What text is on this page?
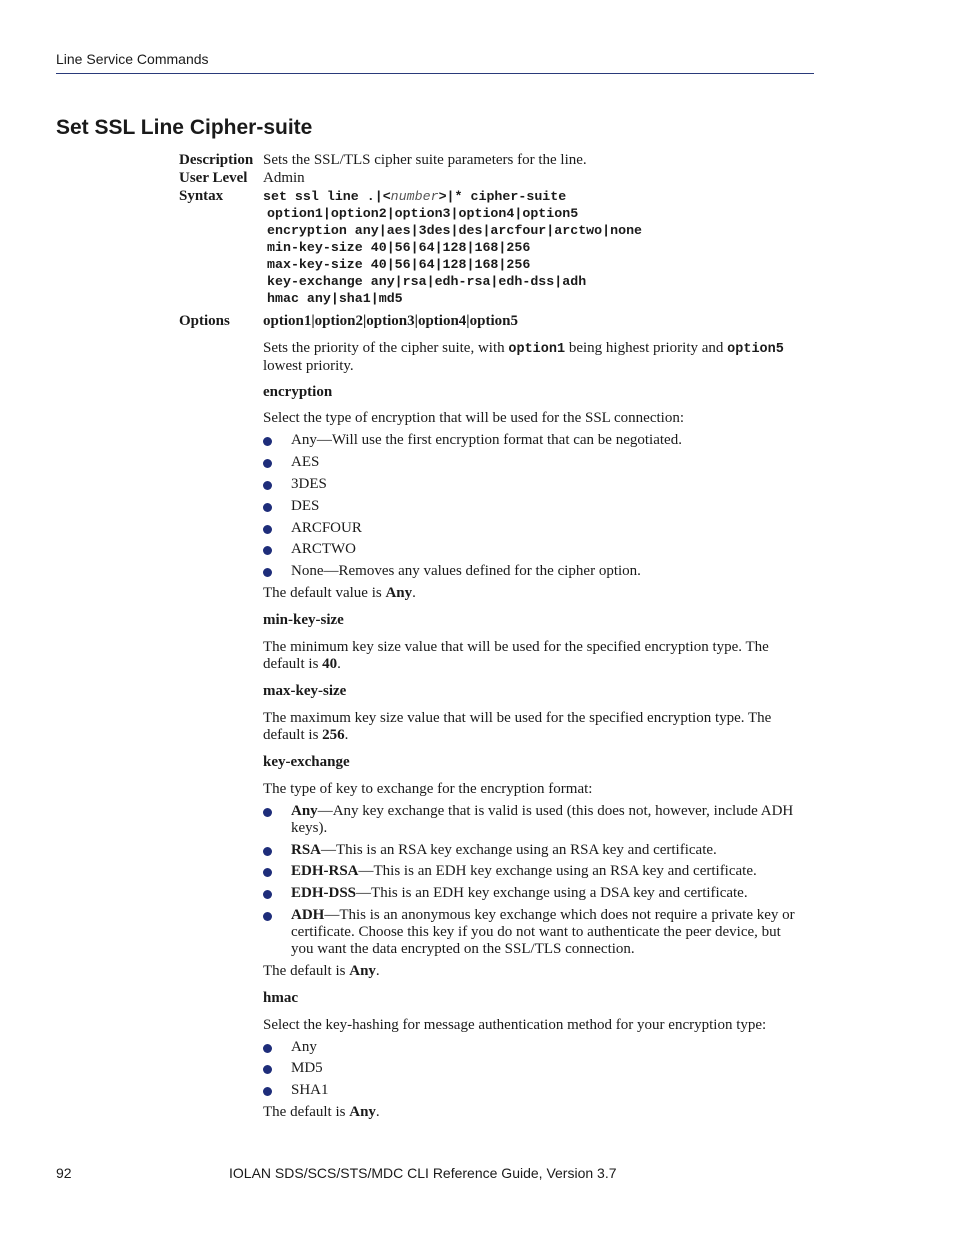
Line Service Commands
Set SSL Line Cipher-suite
Description Sets the SSL/TLS cipher suite parameters for the line.
User Level Admin
Syntax	set ssl line .|<number>|* cipher-suite
option1|option2|option3|option4|option5
encryption any|aes|3des|des|arcfour|arctwo|none
min-key-size 40|56|64|128|168|256
max-key-size 40|56|64|128|168|256
key-exchange any|rsa|edh-rsa|edh-dss|adh
hmac any|sha1|md5
Options option1|option2|option3|option4|option5
Sets the priority of the cipher suite, with option1 being highest priority and option5
lowest priority.
encryption
Select the type of encryption that will be used for the SSL connection:
Any—Will use the first encryption format that can be negotiated.
AES
3DES
DES
ARCFOUR
ARCTWO
None—Removes any values defined for the cipher option.
The default value is Any.
min-key-size
The minimum key size value that will be used for the specified encryption type. The
default is 40.
max-key-size
The maximum key size value that will be used for the specified encryption type. The
default is 256.
key-exchange
The type of key to exchange for the encryption format:
Any—Any key exchange that is valid is used (this does not, however, include ADH keys).
RSA—This is an RSA key exchange using an RSA key and certificate.
EDH-RSA—This is an EDH key exchange using an RSA key and certificate.
EDH-DSS—This is an EDH key exchange using a DSA key and certificate.
ADH—This is an anonymous key exchange which does not require a private key or certificate. Choose this key if you do not want to authenticate the peer device, but you want the data encrypted on the SSL/TLS connection.
The default is Any.
hmac
Select the key-hashing for message authentication method for your encryption type:
Any
MD5
SHA1
The default is Any.
92	IOLAN SDS/SCS/STS/MDC CLI Reference Guide, Version 3.7
